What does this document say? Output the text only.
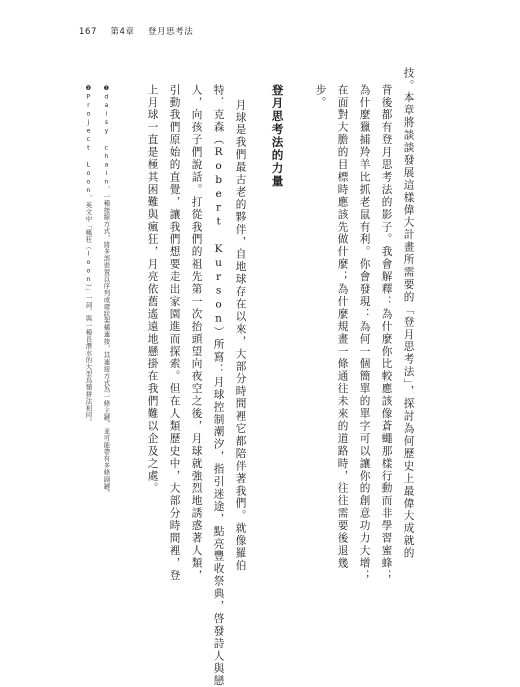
167 第4章 登月思考法
技。本章將談談發展這樣偉大計畫所需要的「登月思考法」，探討為何歷史上最偉大成就的
背後都有登月思考法的影子。我會解釋：為什麼你比較應該像蒼蠅那樣行動而非學習蜜蜂；
為什麼獵捕羚羊比抓老鼠有利。你會發現：為何一個簡單的單字可以讓你的創意功力大增；
在面對大膽的目標時應該先做什麼；為什麼規畫一條通往未來的道路時，往往需要後退幾
步。
登月思考法的力量
月球是我們最古老的夥伴，自地球存在以來，大部分時間裡它都陪伴著我們。就像羅伯
特．克森（Robert Kurson）所寫：月球控制潮汐，指引迷途，點亮豐收祭典，啓發詩人與戀
人，向孩子們說話。打從我們的祖先第一次抬頭望向夜空之後，月球就強烈地誘惑著人類，
引動我們原始的直覺，讓我們想要走出家園進而探索。但在人類歷史中，大部分時間裡，登
上月球一直是極其困難與瘋狂，月亮依舊遙遠地懸掛在我們難以企及之處。
❶daisy chain，一種接線方式，將多部裝置以序列或環狀架構連接，其連接方式為一條主鏈，並可能帶有多條副鏈。
❷Project Loon，英文中「瘋狂（loon）」一詞，與一種長潛水的大型鳥類拼法相同。
